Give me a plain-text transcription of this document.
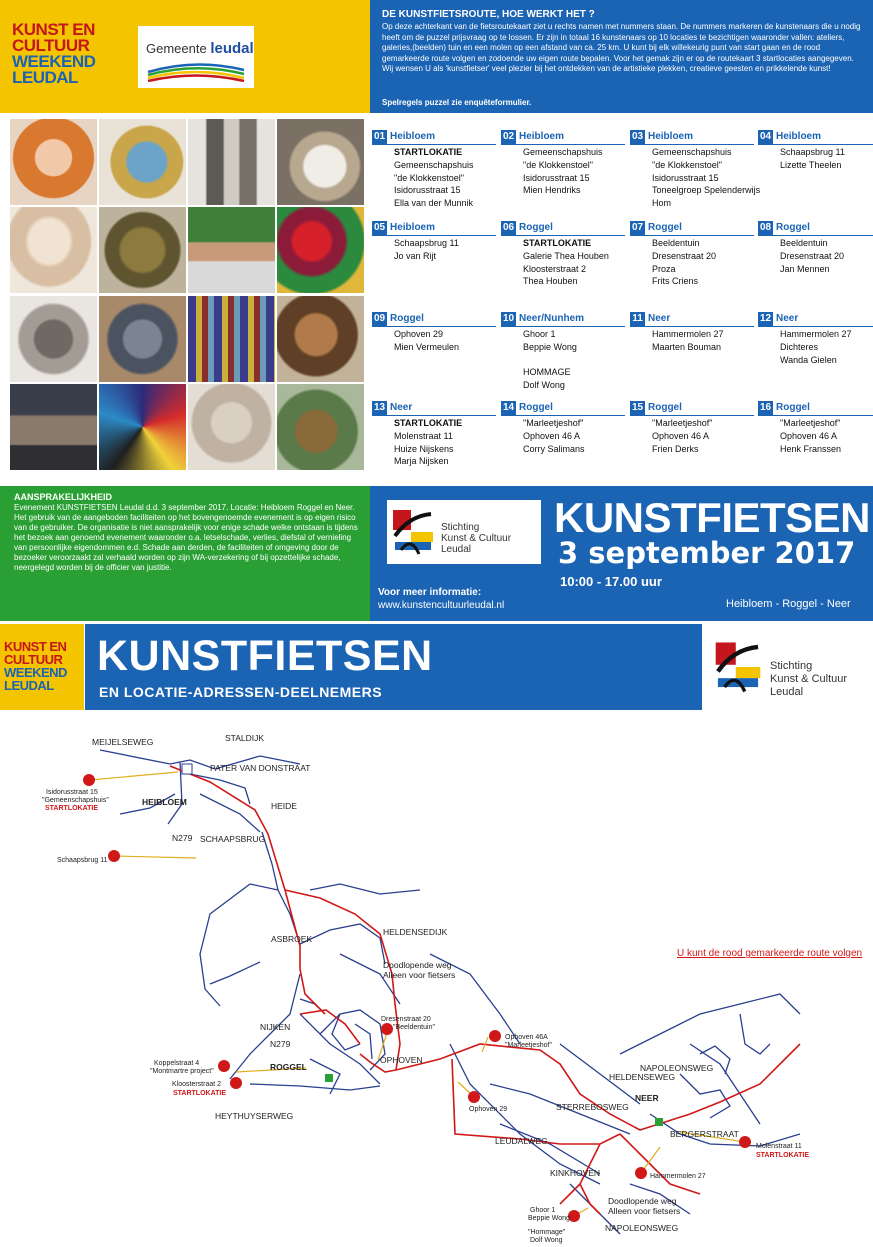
KUNST EN
CULTUUR
WEEKEND
LEUDAL
Gemeente leudal
DE KUNSTFIETSROUTE, HOE WERKT HET ?
Op deze achterkant van de fietsroutekaart ziet u rechts namen met nummers staan. De nummers markeren de kunstenaars die u nodig heeft om de puzzel prijsvraag op te lossen. Er zijn in totaal 16 kunstenaars op 10 locaties te bezichtigen waaronder vallen: ateliers, galeries,(beelden) tuin en een molen op een afstand van ca. 25 km. U kunt bij elk willekeurig punt van start gaan en de rood gemarkeerde route volgen en zodoende uw eigen route bepalen. Voor het gemak zijn er op de routekaart 3 startlocaties aangegeven. Wij wensen U als 'kunstfietser' veel plezier bij het ontdekken van de artistieke plekken, creatieve geesten en prikkelende kunst!
Spelregels puzzel zie enquêteformulier.
01 Heibloem
STARTLOKATIE
Gemeenschapshuis
"de Klokkenstoel"
Isidorusstraat 15
Ella van der Munnik
02 Heibloem
Gemeenschapshuis
"de Klokkenstoel"
Isidorusstraat 15
Mien Hendriks
03 Heibloem
Gemeenschapshuis
"de Klokkenstoel"
Isidorusstraat 15
Toneelgroep Spelenderwijs
Hom
04 Heibloem
Schaapsbrug 11
Lizette Theelen
05 Heibloem
Schaapsbrug 11
Jo van Rijt
06 Roggel
STARTLOKATIE
Galerie Thea Houben
Kloosterstraat 2
Thea Houben
07 Roggel
Beeldentuin
Dresenstraat 20
Proza
Frits Criens
08 Roggel
Beeldentuin
Dresenstraat 20
Jan Mennen
09 Roggel
Ophoven 29
Mien Vermeulen
10 Neer/Nunhem
Ghoor 1
Beppie Wong
HOMMAGE
Dolf Wong
11 Neer
Hammermolen 27
Maarten Bouman
12 Neer
Hammermolen 27
Dichteres
Wanda Gielen
13 Neer
STARTLOKATIE
Molenstraat 11
Huize Nijskens
Marja Nijsken
14 Roggel
"Marleetjeshof"
Ophoven 46 A
Corry Salimans
15 Roggel
"Marleetjeshof"
Ophoven 46 A
Frien Derks
16 Roggel
"Marleetjeshof"
Ophoven 46 A
Henk Franssen
AANSPRAKELIJKHEID
Evenement KUNSTFIETSEN Leudal d.d. 3 september 2017. Locatie: Heibloem Roggel en Neer. Het gebruik van de aangeboden faciliteiten op het bovengenoemde evenement is op eigen risico van de gebruiker. De organisatie is niet aansprakelijk voor enige schade welke ontstaan is tijdens het bezoek aan genoemd evenement waaronder o.a. letselschade, verlies, diefstal of vernieling van persoonlijke eigendommen e.d. Schade aan derden, de faciliteiten of omgeving door de bezoeker veroorzaakt zal verhaald worden op zijn WA-verzekering of bij opzettelijke schade, neergelegd worden bij de officier van justitie.
Stichting
Kunst & Cultuur
Leudal
KUNSTFIETSEN
3 september 2017
10:00 - 17.00 uur
Voor meer informatie:
www.kunstencultuurleudal.nl	Heibloem - Roggel - Neer
KUNST EN
CULTUUR
WEEKEND
LEUDAL
KUNSTFIETSEN
EN LOCATIE-ADRESSEN-DEELNEMERS
Stichting
Kunst & Cultuur
Leudal
MEIJELSEWEG	STALDIJK
PATER VAN DONSTRAAT
HEIBLOEM
N279 SCHAAPSBRUG
HEIDE
ASBROEK
HELDENSEDIJK
NIJKEN
N279
ROGGEL
OPHOVEN
HEYTHUYSERWEG
STERREBOSWEG
LEUDALWEG
KINKHOVEN
NAPOLEONSWEG
HELDENSEWEG
NEER
BERGERSTRAAT
NAPOLEONSWEG
Doodlopende weg
Alleen voor fietsers
Doodlopende weg
Alleen voor fietsers
Isidorusstraat 15
"Gemeenschapshuis"
STARTLOKATIE
Schaapsbrug 11
Dresenstraat 20
"Beeldentuin"
Ophoven 46A
"Marleetjeshof"
Koppelstraat 4
"Montmartre project"
Kloosterstraat 2
STARTLOKATIE
Ophoven 29
Molenstraat 11
STARTLOKATIE
Hammermolen 27
Ghoor 1
Beppie Wong
"Hommage"
Dolf Wong
U kunt de rood gemarkeerde route volgen
